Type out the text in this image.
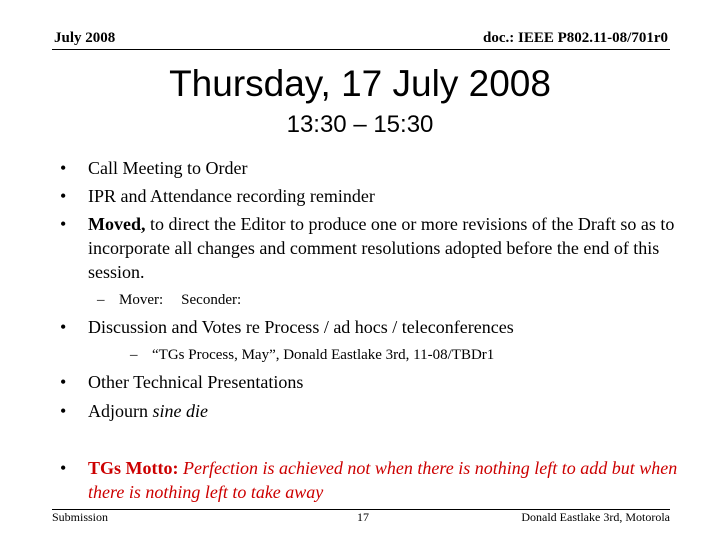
July 2008	doc.: IEEE P802.11-08/701r0
Thursday, 17 July 2008
13:30 – 15:30
•	Call Meeting to Order
•	IPR and Attendance recording reminder
•	Moved, to direct the Editor to produce one or more revisions of the Draft so as to incorporate all changes and comment resolutions adopted before the end of this session.
– Mover: Seconder:
•	Discussion and Votes re Process / ad hocs / teleconferences
– “TGs Process, May”, Donald Eastlake 3rd, 11-08/TBDr1
•	Other Technical Presentations
•	Adjourn sine die
•	TGs Motto: Perfection is achieved not when there is nothing left to add but when there is nothing left to take away
Submission	17	Donald Eastlake 3rd, Motorola
